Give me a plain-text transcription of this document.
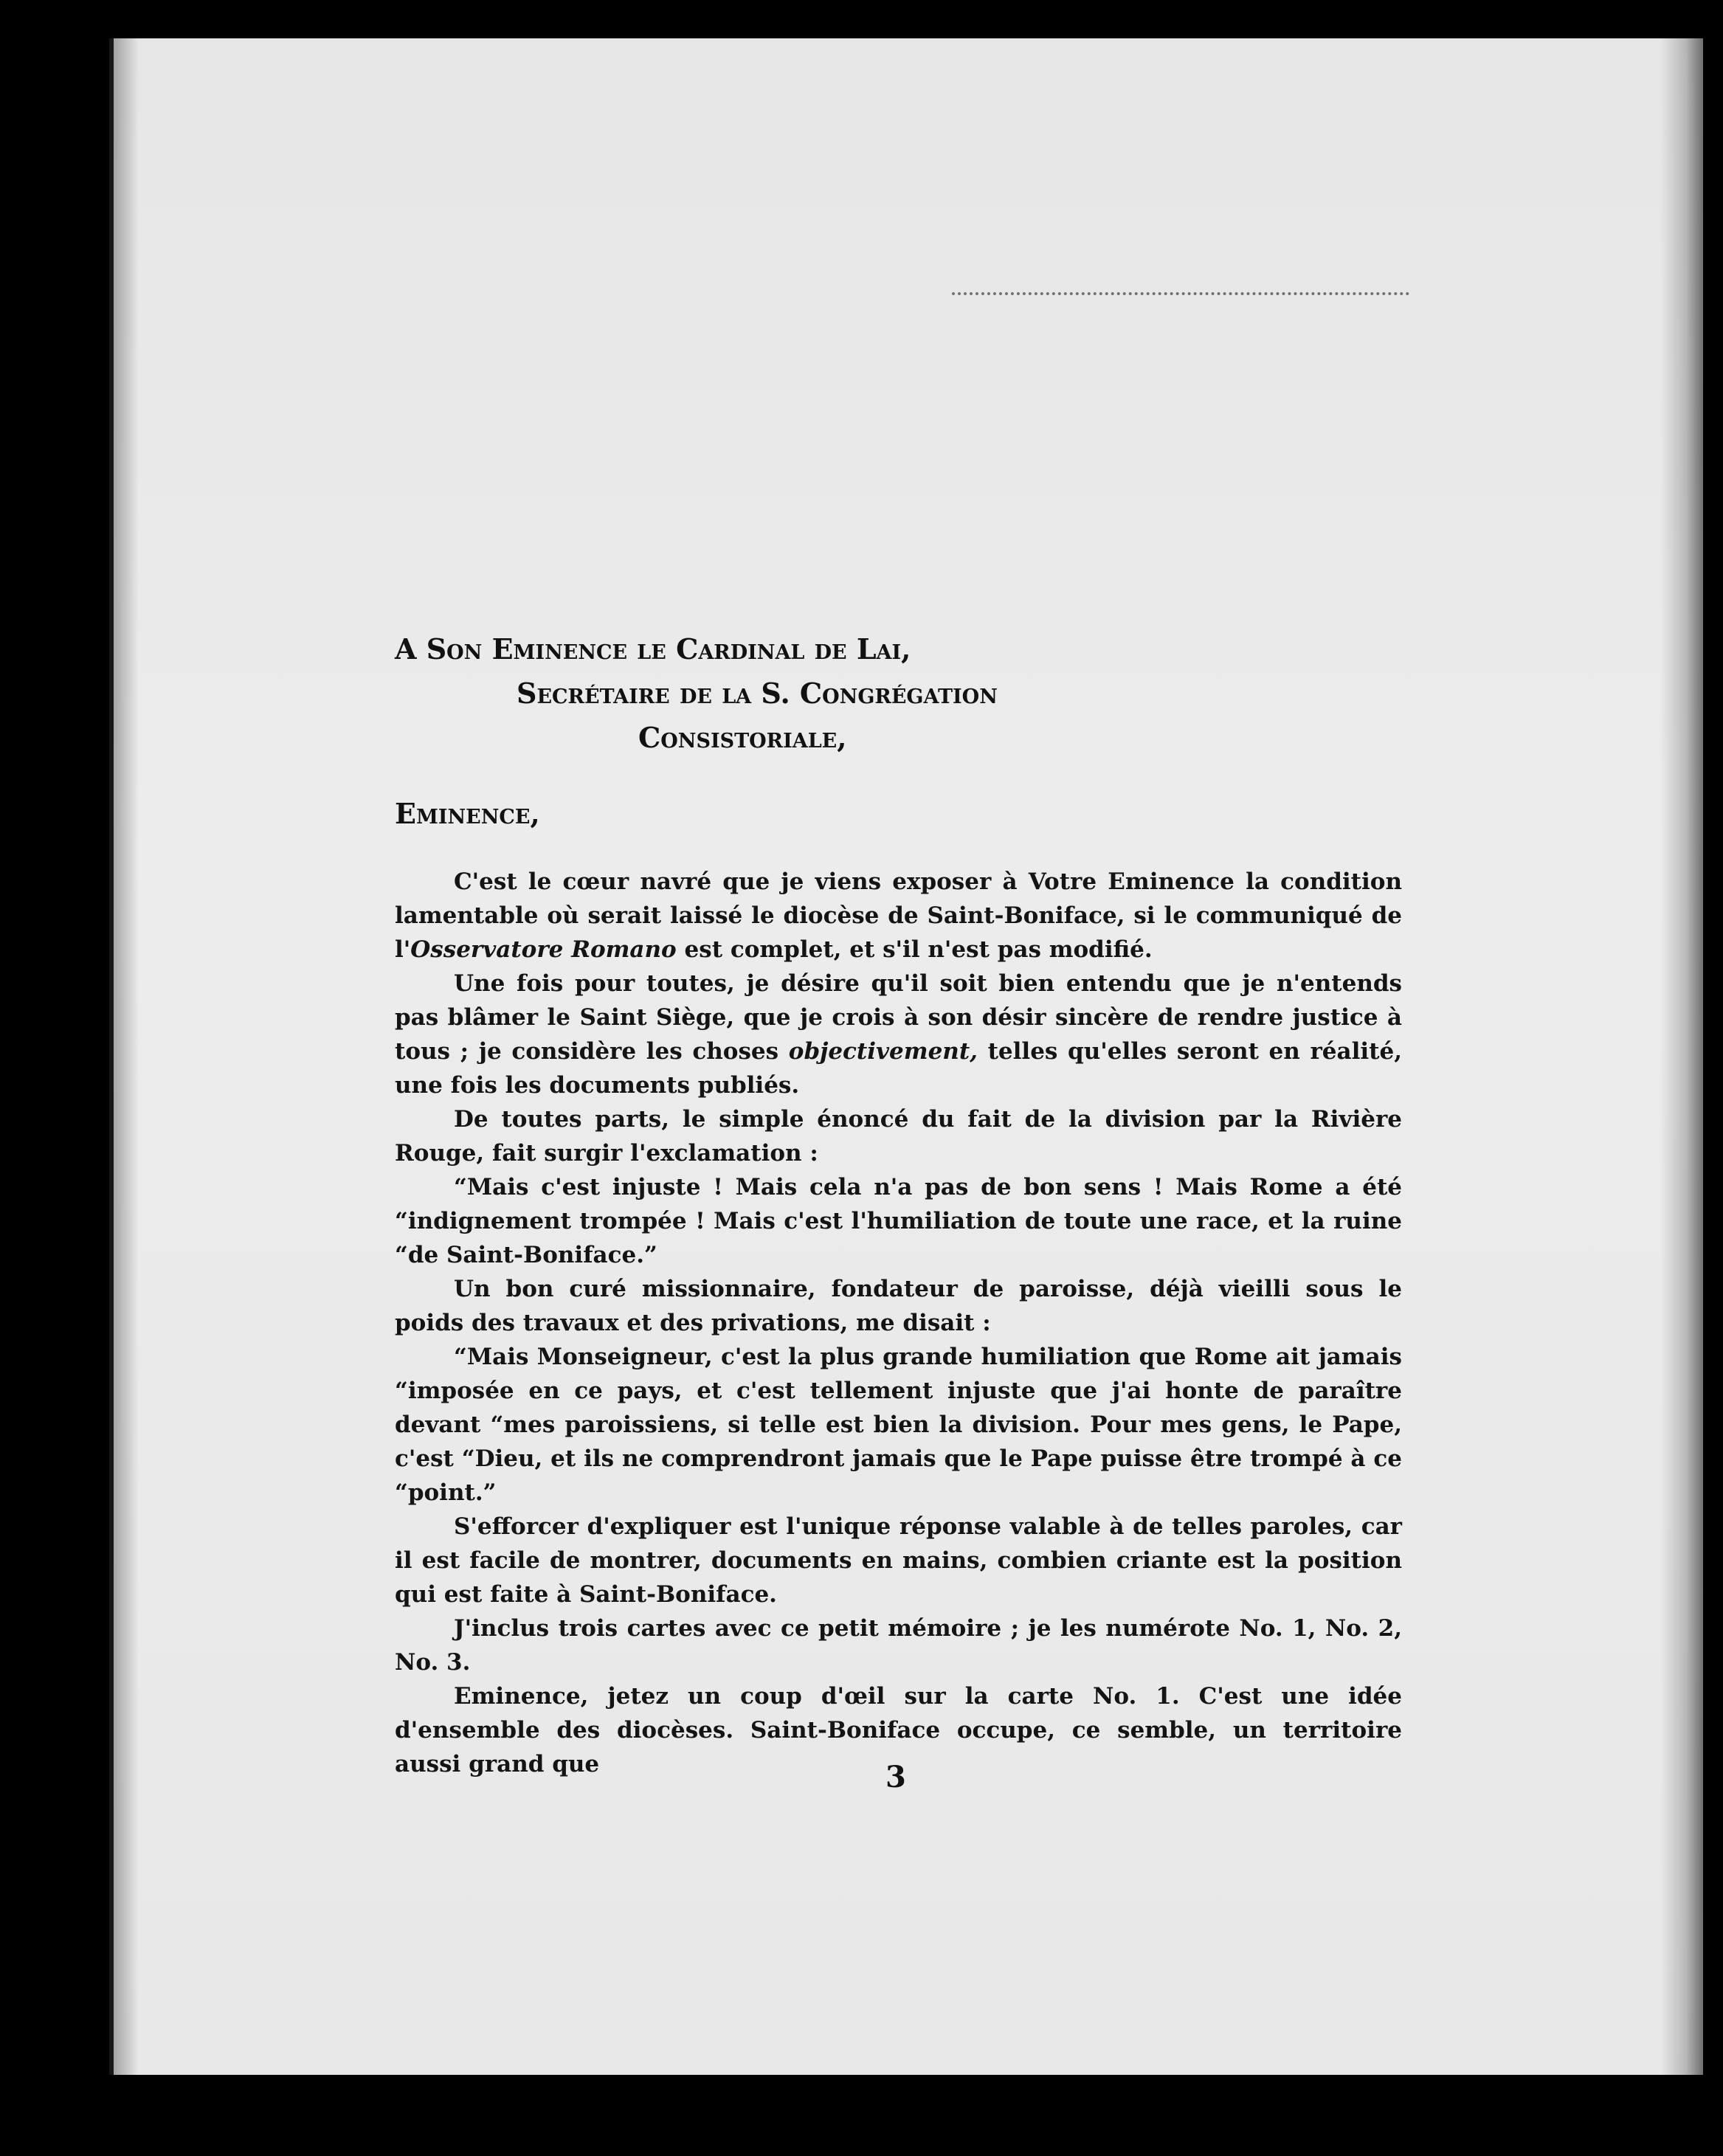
A Son Eminence le Cardinal de Lai,
Secrétaire de la S. Congrégation
Consistoriale,
Eminence,

C'est le cœur navré que je viens exposer à Votre Eminence la condition lamentable où serait laissé le diocèse de Saint-Boniface, si le communiqué de l'Osservatore Romano est complet, et s'il n'est pas modifié.

Une fois pour toutes, je désire qu'il soit bien entendu que je n'entends pas blâmer le Saint Siège, que je crois à son désir sincère de rendre justice à tous ; je considère les choses objectivement, telles qu'elles seront en réalité, une fois les documents publiés.

De toutes parts, le simple énoncé du fait de la division par la Rivière Rouge, fait surgir l'exclamation :

“Mais c'est injuste ! Mais cela n'a pas de bon sens ! Mais Rome a été “indignement trompée ! Mais c'est l'humiliation de toute une race, et la ruine “de Saint-Boniface.”

Un bon curé missionnaire, fondateur de paroisse, déjà vieilli sous le poids des travaux et des privations, me disait :

“Mais Monseigneur, c'est la plus grande humiliation que Rome ait jamais “imposée en ce pays, et c'est tellement injuste que j'ai honte de paraître devant “mes paroissiens, si telle est bien la division. Pour mes gens, le Pape, c'est “Dieu, et ils ne comprendront jamais que le Pape puisse être trompé à ce “point.”

S'efforcer d'expliquer est l'unique réponse valable à de telles paroles, car il est facile de montrer, documents en mains, combien criante est la position qui est faite à Saint-Boniface.

J'inclus trois cartes avec ce petit mémoire ; je les numérote No. 1, No. 2, No. 3.

Eminence, jetez un coup d'œil sur la carte No. 1. C'est une idée d'ensemble des diocèses. Saint-Boniface occupe, ce semble, un territoire aussi grand que	3
